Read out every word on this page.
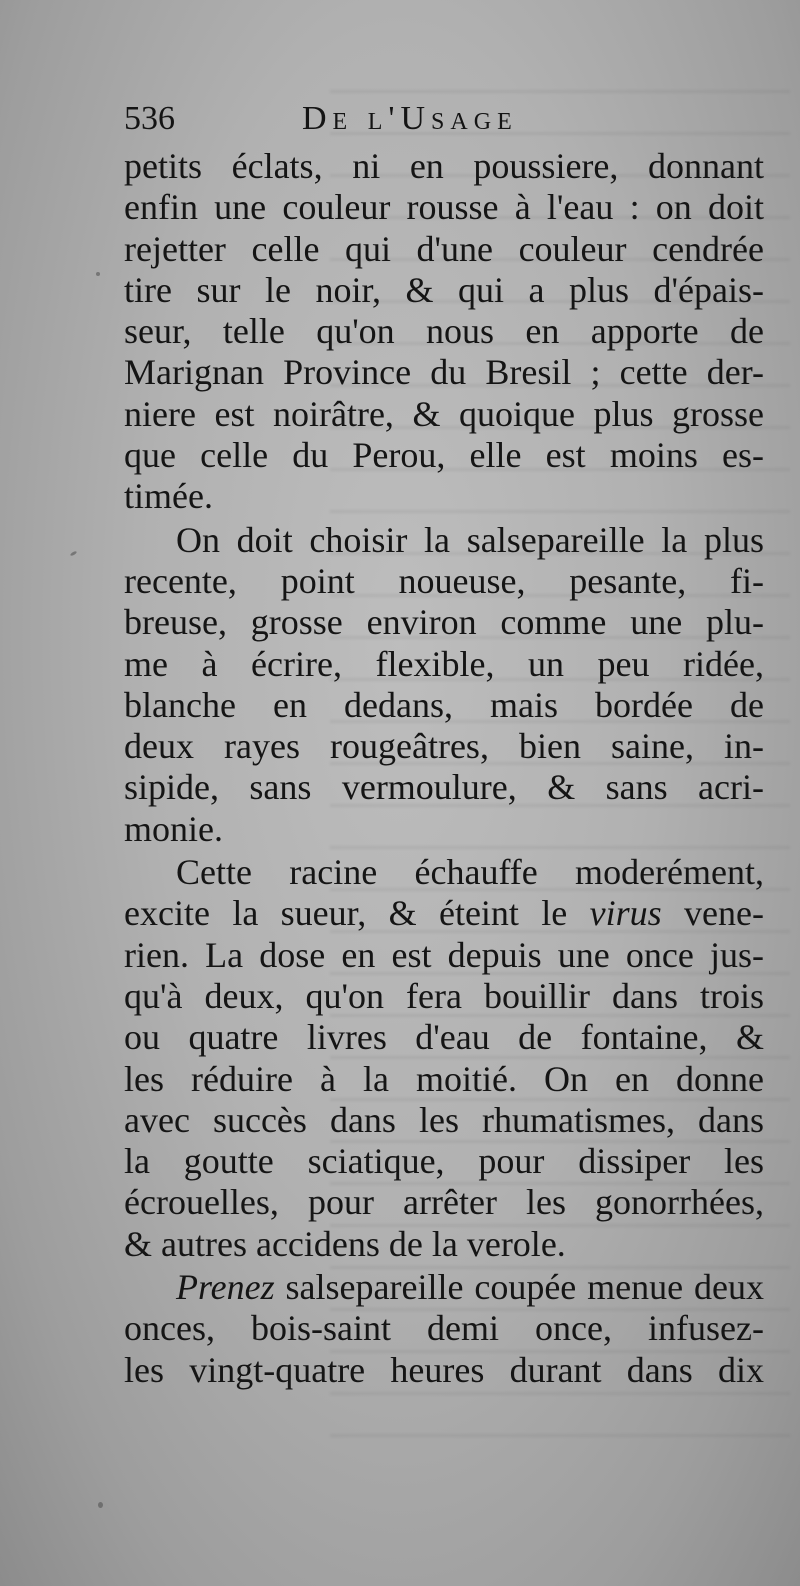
536	De l'Usage
petits éclats, ni en poussiere, donnant
enfin une couleur rousse à l'eau : on doit
rejetter celle qui d'une couleur cendrée
tire sur le noir, & qui a plus d'épais-
seur, telle qu'on nous en apporte de
Marignan Province du Bresil ; cette der-
niere est noirâtre, & quoique plus grosse
que celle du Perou, elle est moins es-
timée.
On doit choisir la salsepareille la plus
recente, point noueuse, pesante, fi-
breuse, grosse environ comme une plu-
me à écrire, flexible, un peu ridée,
blanche en dedans, mais bordée de
deux rayes rougeâtres, bien saine, in-
sipide, sans vermoulure, & sans acri-
monie.
Cette racine échauffe moderément,
excite la sueur, & éteint le virus vene-
rien. La dose en est depuis une once jus-
qu'à deux, qu'on fera bouillir dans trois
ou quatre livres d'eau de fontaine, &
les réduire à la moitié. On en donne
avec succès dans les rhumatismes, dans
la goutte sciatique, pour dissiper les
écrouelles, pour arrêter les gonorrhées,
& autres accidens de la verole.
Prenez salsepareille coupée menue deux
onces, bois-saint demi once, infusez-
les vingt-quatre heures durant dans dix
